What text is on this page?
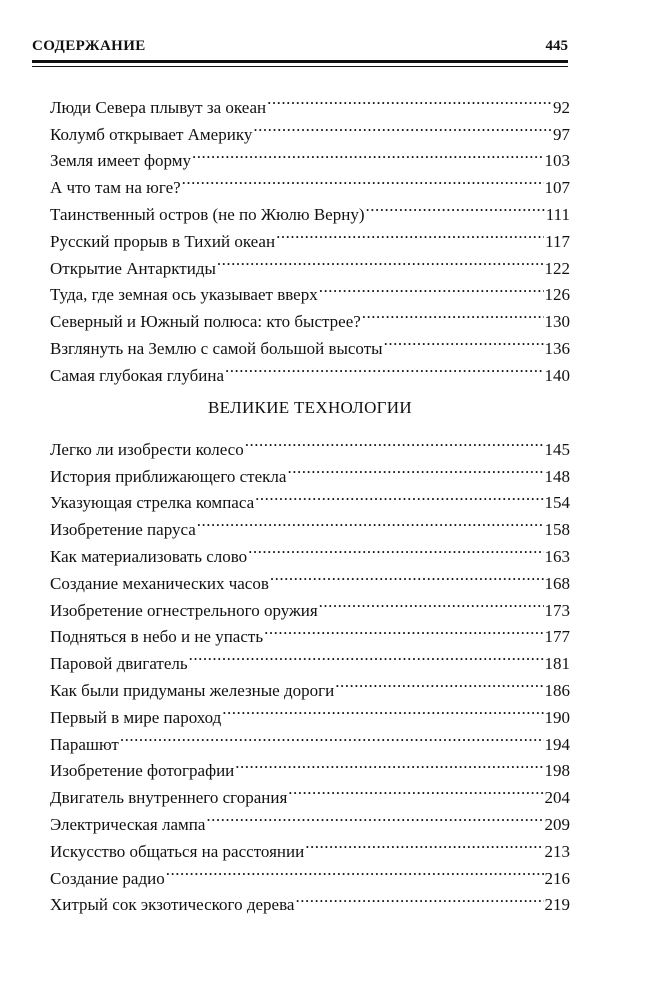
СОДЕРЖАНИЕ	445
Люди Севера плывут за океан .....	92
Колумб открывает Америку .....	97
Земля имеет форму .....	103
А что там на юге? .....	107
Таинственный остров (не по Жюлю Верну) .....	111
Русский прорыв в Тихий океан .....	117
Открытие Антарктиды .....	122
Туда, где земная ось указывает вверх .....	126
Северный и Южный полюса: кто быстрее? .....	130
Взглянуть на Землю с самой большой высоты .....	136
Самая глубокая глубина .....	140
ВЕЛИКИЕ ТЕХНОЛОГИИ
Легко ли изобрести колесо .....	145
История приближающего стекла .....	148
Указующая стрелка компаса .....	154
Изобретение паруса .....	158
Как материализовать слово .....	163
Создание механических часов .....	168
Изобретение огнестрельного оружия .....	173
Подняться в небо и не упасть .....	177
Паровой двигатель .....	181
Как были придуманы железные дороги .....	186
Первый в мире пароход .....	190
Парашют .....	194
Изобретение фотографии .....	198
Двигатель внутреннего сгорания .....	204
Электрическая лампа .....	209
Искусство общаться на расстоянии .....	213
Создание радио .....	216
Хитрый сок экзотического дерева .....	219
